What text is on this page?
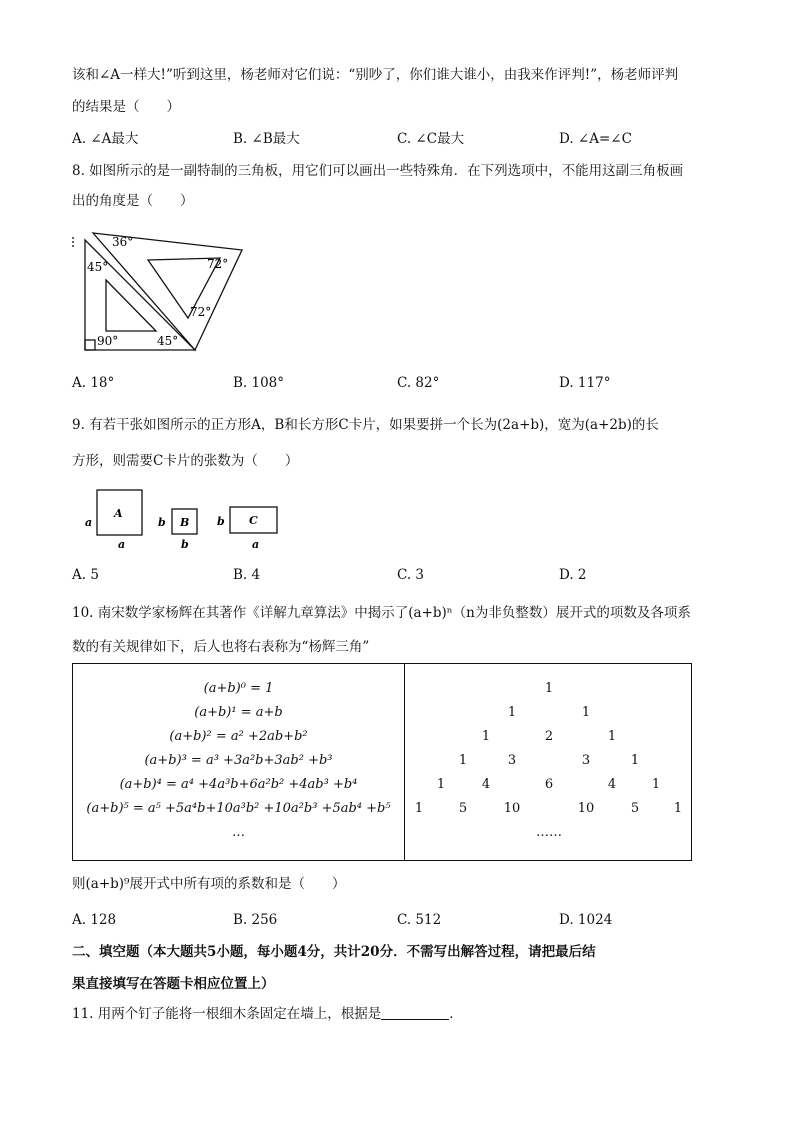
该和∠A一样大!”听到这里，杨老师对它们说：“别吵了，你们谁大谁小，由我来作评判!”，杨老师评判
的结果是（　　）
A. ∠A最大	B. ∠B最大	C. ∠C最大	D. ∠A=∠C
8. 如图所示的是一副特制的三角板，用它们可以画出一些特殊角．在下列选项中，不能用这副三角板画
出的角度是（　　）
36°
45°	72°
72°
90°	45°
A. 18°	B. 108°	C. 82°	D. 117°
9. 有若干张如图所示的正方形A，B和长方形C卡片，如果要拼一个长为(2a+b)，宽为(a+2b)的长
方形，则需要C卡片的张数为（　　）
A
a
a
B
b
b
C
b
a
A. 5	B. 4	C. 3	D. 2
10. 南宋数学家杨辉在其著作《详解九章算法》中揭示了(a+b)ⁿ（n为非负整数）展开式的项数及各项系
数的有关规律如下，后人也将右表称为“杨辉三角”
(a+b)⁰ = 1
(a+b)¹ = a+b
(a+b)² = a² +2ab+b²
(a+b)³ = a³ +3a²b+3ab² +b³
(a+b)⁴ = a⁴ +4a³b+6a²b² +4ab³ +b⁴
(a+b)⁵ = a⁵ +5a⁴b+10a³b² +10a²b³ +5ab⁴ +b⁵
…

1
1	1
1	2	1
1	3	3	1
1	4	6	4	1
1	5	10	10	5	1
……
则(a+b)⁹展开式中所有项的系数和是（　　）
A. 128	B. 256	C. 512	D. 1024
二、填空题（本大题共5小题，每小题4分，共计20分．不需写出解答过程，请把最后结
果直接填写在答题卡相应位置上）
11. 用两个钉子能将一根细木条固定在墙上，根据是	．
